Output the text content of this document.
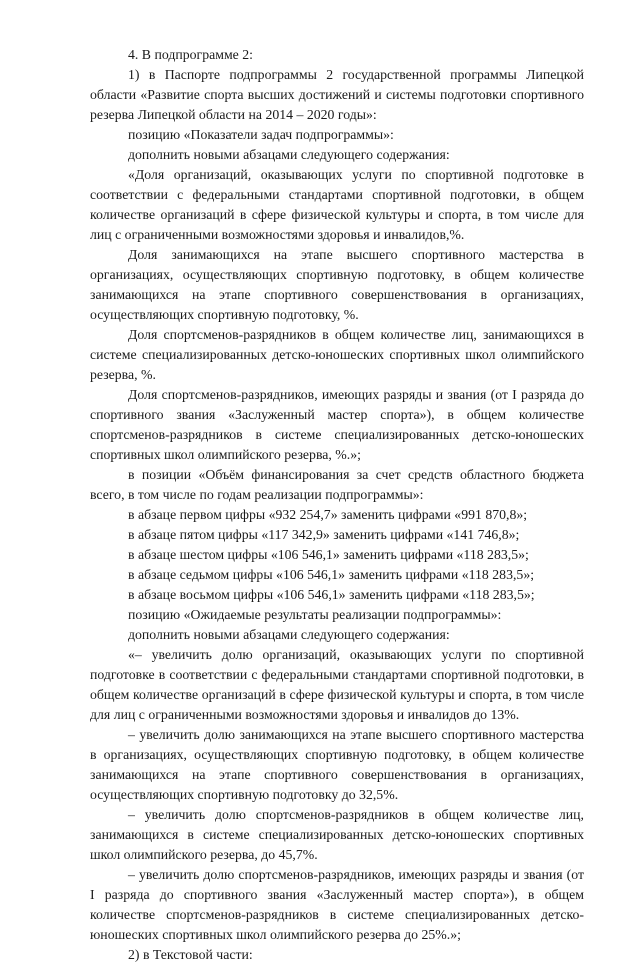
4. В подпрограмме 2:

1) в Паспорте подпрограммы 2 государственной программы Липецкой области «Развитие спорта высших достижений и системы подготовки спортивного резерва Липецкой области на 2014 – 2020 годы»:

позицию «Показатели задач подпрограммы»:

дополнить новыми абзацами следующего содержания:

«Доля организаций, оказывающих услуги по спортивной подготовке в соответствии с федеральными стандартами спортивной подготовки, в общем количестве организаций в сфере физической культуры и спорта, в том числе для лиц с ограниченными возможностями здоровья и инвалидов,%.

Доля занимающихся на этапе высшего спортивного мастерства в организациях, осуществляющих спортивную подготовку, в общем количестве занимающихся на этапе спортивного совершенствования в организациях, осуществляющих спортивную подготовку, %.

Доля спортсменов-разрядников в общем количестве лиц, занимающихся в системе специализированных детско-юношеских спортивных школ олимпийского резерва, %.

Доля спортсменов-разрядников, имеющих разряды и звания (от I разряда до спортивного звания «Заслуженный мастер спорта»), в общем количестве спортсменов-разрядников в системе специализированных детско-юношеских спортивных школ олимпийского резерва, %.»;

в позиции «Объём финансирования за счет средств областного бюджета всего, в том числе по годам реализации подпрограммы»:

в абзаце первом цифры «932 254,7» заменить цифрами «991 870,8»;

в абзаце пятом цифры «117 342,9» заменить цифрами «141 746,8»;

в абзаце шестом цифры «106 546,1» заменить цифрами «118 283,5»;

в абзаце седьмом цифры «106 546,1» заменить цифрами «118 283,5»;

в абзаце восьмом цифры «106 546,1» заменить цифрами «118 283,5»;

позицию «Ожидаемые результаты реализации подпрограммы»:

дополнить новыми абзацами следующего содержания:

«– увеличить долю организаций, оказывающих услуги по спортивной подготовке в соответствии с федеральными стандартами спортивной подготовки, в общем количестве организаций в сфере физической культуры и спорта, в том числе для лиц с ограниченными возможностями здоровья и инвалидов до 13%.

– увеличить долю занимающихся на этапе высшего спортивного мастерства в организациях, осуществляющих спортивную подготовку, в общем количестве занимающихся на этапе спортивного совершенствования в организациях, осуществляющих спортивную подготовку до 32,5%.

– увеличить долю спортсменов-разрядников в общем количестве лиц, занимающихся в системе специализированных детско-юношеских спортивных школ олимпийского резерва, до 45,7%.

– увеличить долю спортсменов-разрядников, имеющих разряды и звания (от I разряда до спортивного звания «Заслуженный мастер спорта»), в общем количестве спортсменов-разрядников в системе специализированных детско-юношеских спортивных школ олимпийского резерва до 25%.»;

2) в Текстовой части:
